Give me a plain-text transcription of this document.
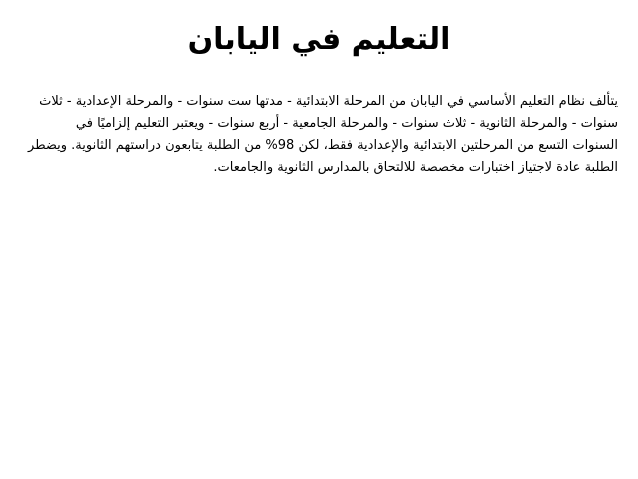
التعليم في اليابان

يتألف نظام التعليم الأساسي في اليابان من المرحلة الابتدائية - مدتها ست سنوات - والمرحلة الإعدادية - ثلاث سنوات - والمرحلة الثانوية - ثلاث سنوات - والمرحلة الجامعية - أربع سنوات - ويعتبر التعليم إلزاميًا في السنوات التسع من المرحلتين الابتدائية والإعدادية فقط، لكن 98% من الطلبة يتابعون دراستهم الثانوية. ويضطر الطلبة عادة لاجتياز اختبارات مخصصة للالتحاق بالمدارس الثانوية والجامعات.
